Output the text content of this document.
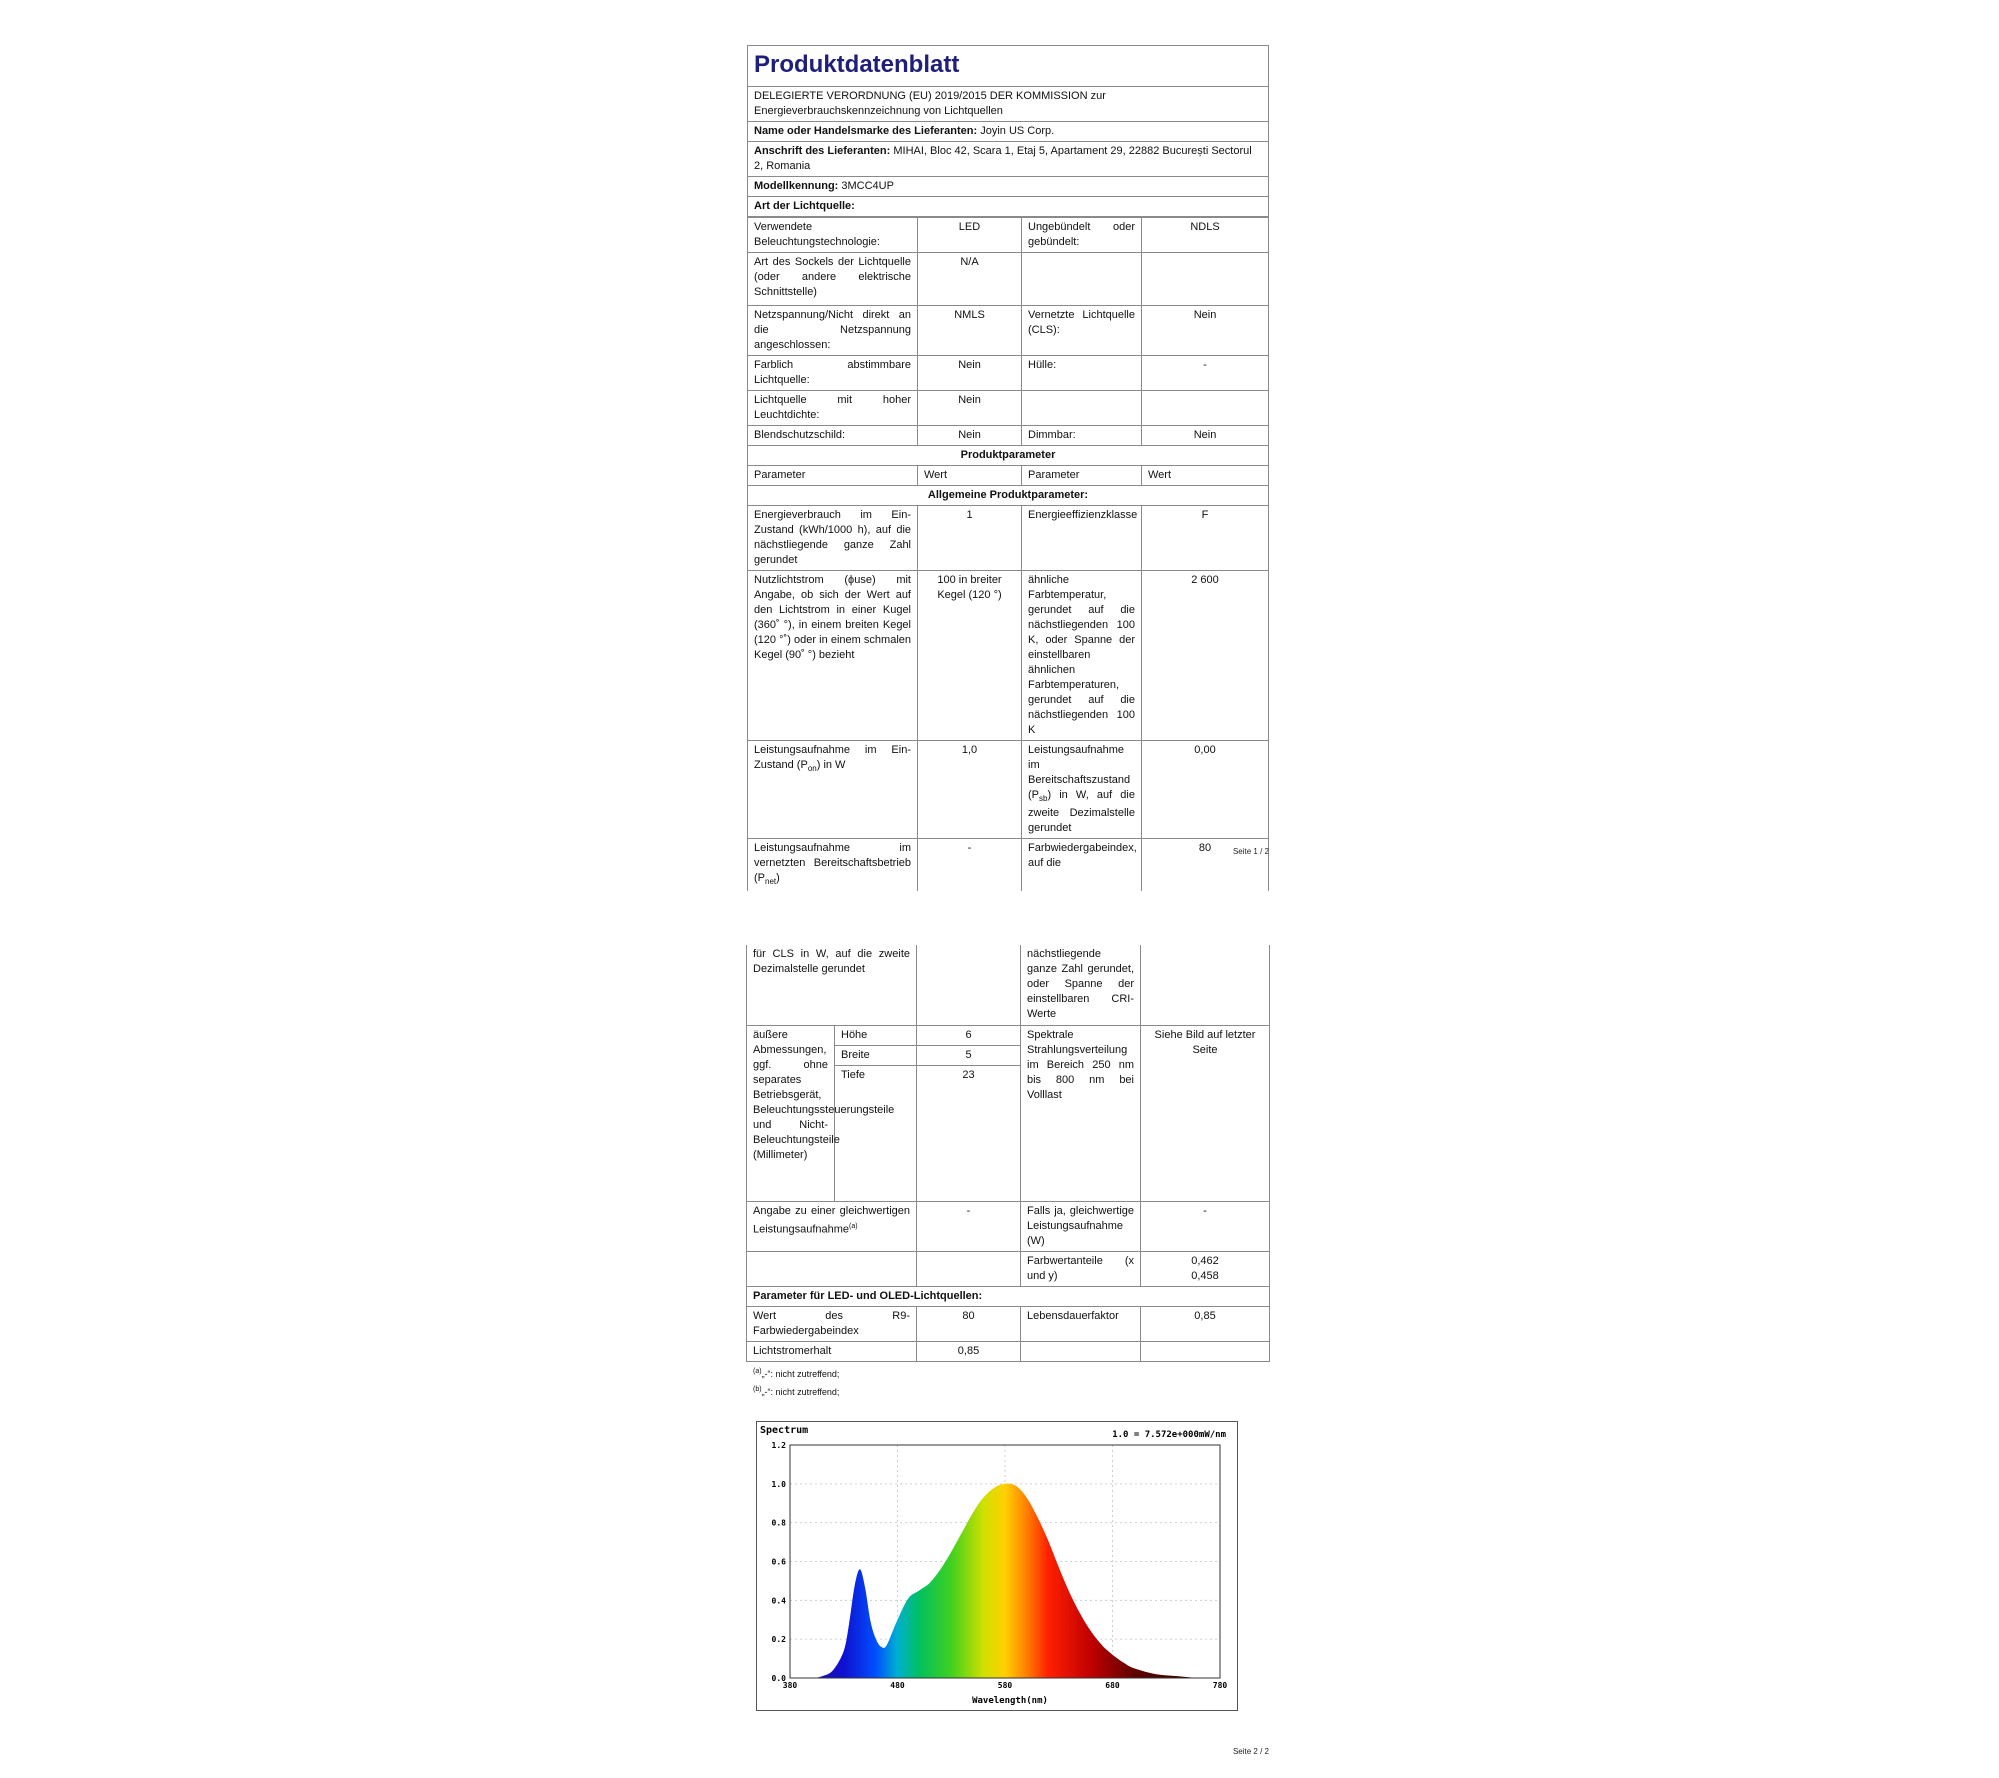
Produktdatenblatt
DELEGIERTE VERORDNUNG (EU) 2019/2015 DER KOMMISSION zur Energieverbrauchskennzeichnung von Lichtquellen
Name oder Handelsmarke des Lieferanten: Joyin US Corp.
Anschrift des Lieferanten: MIHAI, Bloc 42, Scara 1, Etaj 5, Apartament 29, 22882 București Sectorul 2, Romania
Modellkennung: 3MCC4UP
Art der Lichtquelle:
Verwendete Beleuchtungstechnologie:	LED	Ungebündelt oder gebündelt:	NDLS
Art des Sockels der Lichtquelle (oder andere elektrische Schnittstelle)	N/A		
Netzspannung/Nicht direkt an die Netzspannung angeschlossen:	NMLS	Vernetzte Lichtquelle (CLS):	Nein
Farblich abstimmbare Lichtquelle:	Nein	Hülle:	-
Lichtquelle mit hoher Leuchtdichte:	Nein		
Blendschutzschild:	Nein	Dimmbar:	Nein
Produktparameter			
Parameter	Wert	Parameter	Wert
Allgemeine Produktparameter:			
Energieverbrauch im Ein-Zustand (kWh/1000 h), auf die nächstliegende ganze Zahl gerundet	1	Energieeffizienzklasse	F
Nutzlichtstrom (ϕuse) mit Angabe, ob sich der Wert auf den Lichtstrom in einer Kugel (360˚ °), in einem breiten Kegel (120 °˚) oder in einem schmalen Kegel (90˚ °) bezieht	100 in breiter Kegel (120 °)	ähnliche Farbtemperatur, gerundet auf die nächstliegenden 100 K, oder Spanne der einstellbaren ähnlichen Farbtemperaturen, gerundet auf die nächstliegenden 100 K	2 600
Leistungsaufnahme im Ein-Zustand $(P_{on})$ in W	1,0	Leistungsaufnahme im Bereitschaftszustand $(P_{sb})$ in W, auf die zweite Dezimalstelle gerundet	0,00
Leistungsaufnahme im vernetzten Bereitschaftsbetrieb $(P_{net})$	-	Farbwiedergabeindex, auf die	80	Seite 1 / 2
für CLS in W, auf die zweite Dezimalstelle gerundet			nächstliegende ganze Zahl gerundet, oder Spanne der einstellbaren CRI-Werte	
äußere Abmessungen, ggf. ohne separates Betriebsgerät, Beleuchtungssteuerungsteile und Nicht-Beleuchtungsteile (Millimeter)	Höhe	6	Spektrale Strahlungsverteilung im Bereich 250 nm bis 800 nm bei Volllast	Siehe Bild auf letzter Seite
	Breite	5		
	Tiefe	23		
Angabe zu einer gleichwertigen Leistungsaufnahme$^{(a)}$		-	Falls ja, gleichwertige Leistungsaufnahme (W)	-
			Farbwertanteile (x und y)	0,462
0,458

Parameter für LED- und OLED-Lichtquellen:				
Wert des R9-Farbwiedergabeindex		80	Lebensdauerfaktor	0,85
Lichtstromerhalt		0,85		
$^{(a)}$„-“: nicht zutreffend;
$^{(b)}$„-“: nicht zutreffend;
0.0
0.2
0.4
0.6
0.8
1.0
1.2
380	480	580	680	780
Spectrum	1.0 = 7.572e+000mW/nm
Wavelength(nm)
Seite 2 / 2
